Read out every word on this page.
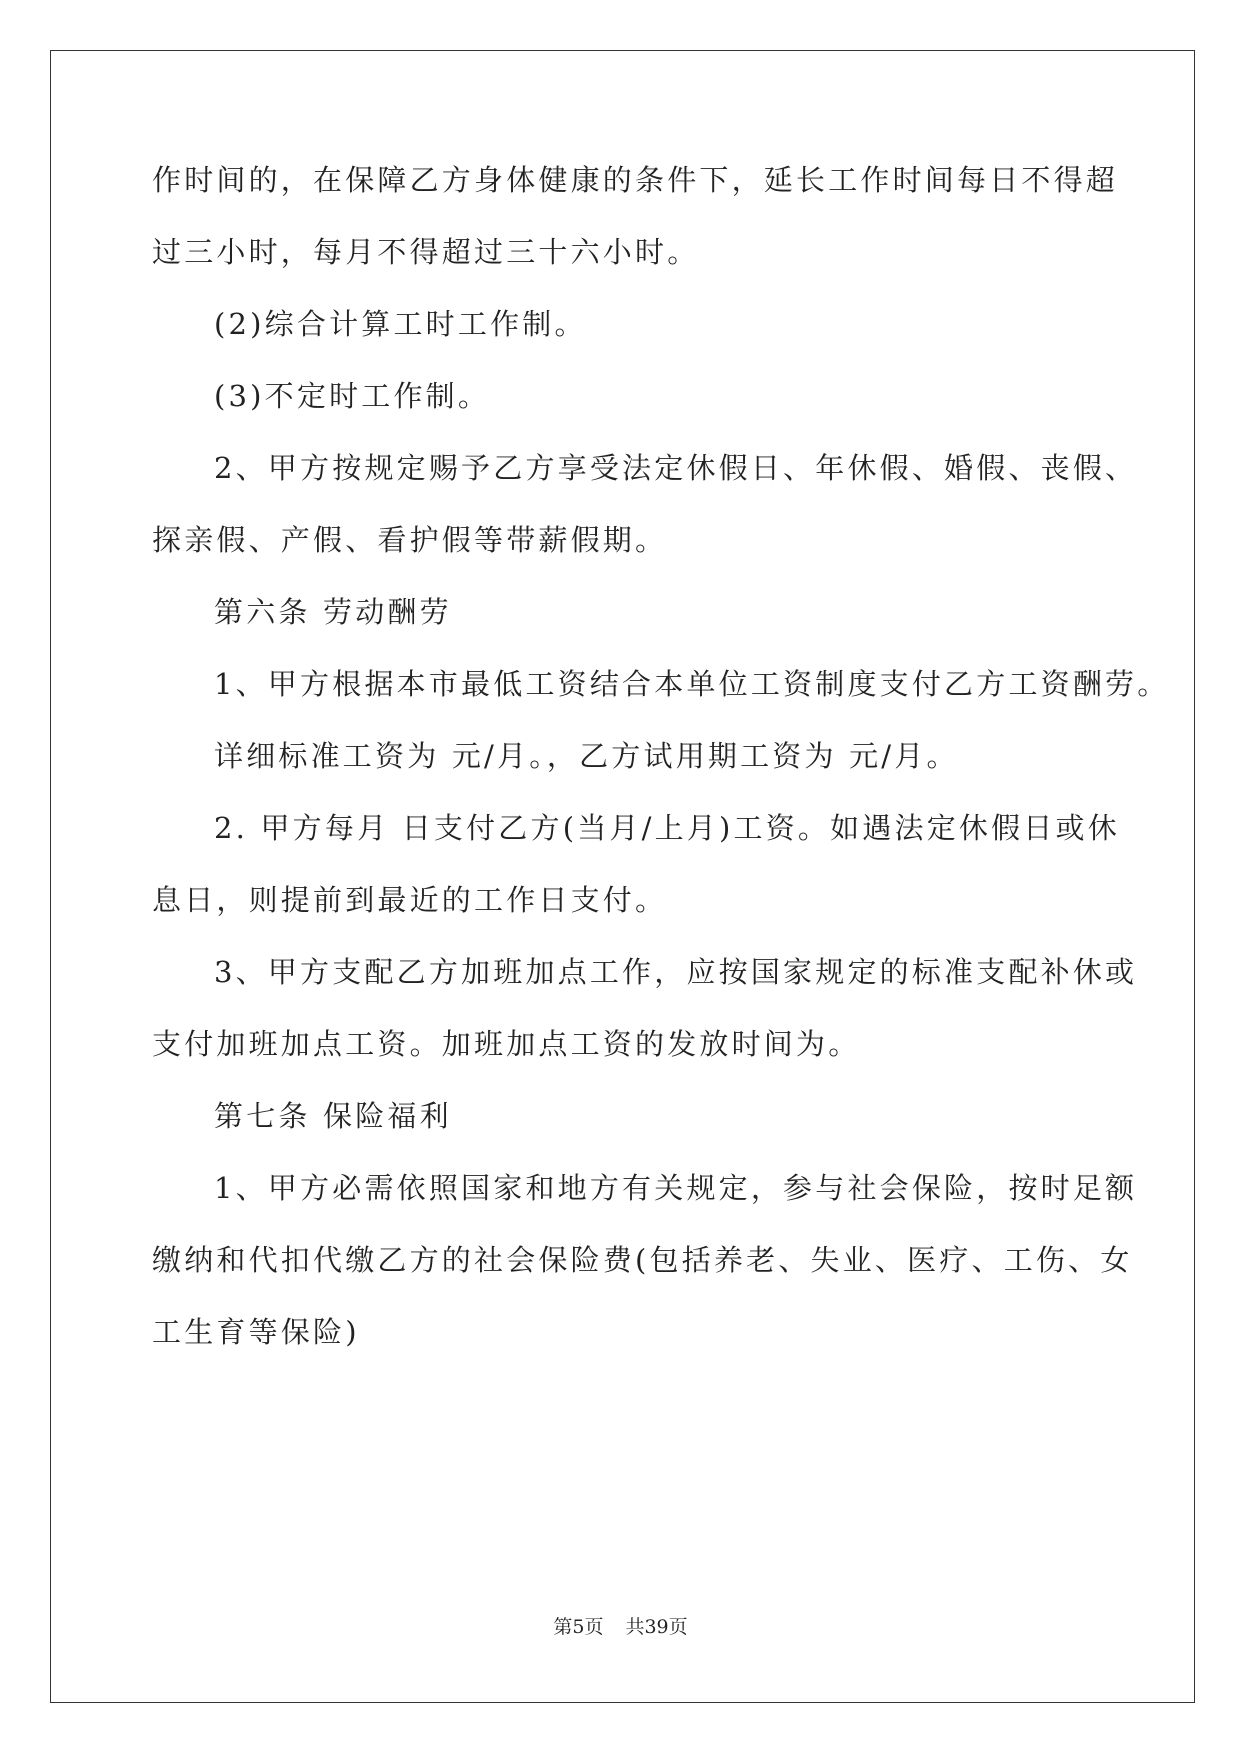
作时间的，在保障乙方身体健康的条件下，延长工作时间每日不得超
过三小时，每月不得超过三十六小时。
(2)综合计算工时工作制。
(3)不定时工作制。
2、甲方按规定赐予乙方享受法定休假日、年休假、婚假、丧假、
探亲假、产假、看护假等带薪假期。
第六条 劳动酬劳
1、甲方根据本市最低工资结合本单位工资制度支付乙方工资酬劳。
详细标准工资为 元/月。，乙方试用期工资为 元/月。
2. 甲方每月 日支付乙方(当月/上月)工资。如遇法定休假日或休
息日，则提前到最近的工作日支付。
3、甲方支配乙方加班加点工作，应按国家规定的标准支配补休或
支付加班加点工资。加班加点工资的发放时间为。
第七条 保险福利
1、甲方必需依照国家和地方有关规定，参与社会保险，按时足额
缴纳和代扣代缴乙方的社会保险费(包括养老、失业、医疗、工伤、女
工生育等保险)
第5页 共39页
